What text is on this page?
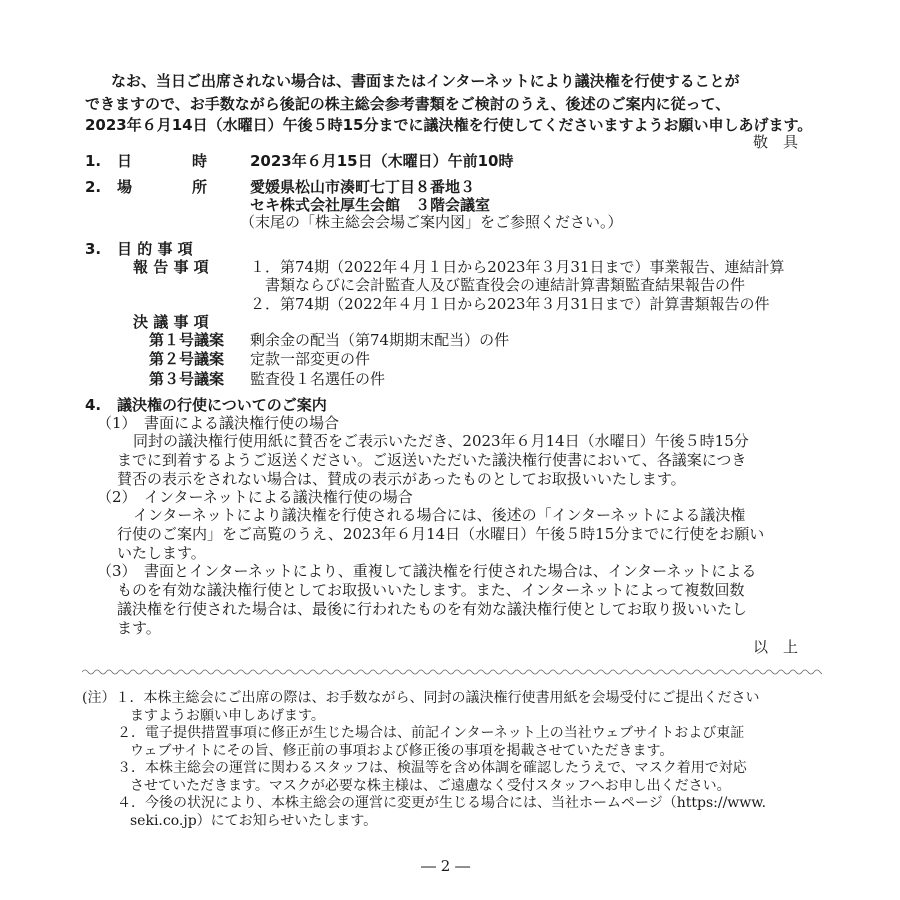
なお、当日ご出席されない場合は、書面またはインターネットにより議決権を行使することが
できますので、お手数ながら後記の株主総会参考書類をご検討のうえ、後述のご案内に従って、
2023年６月14日（水曜日）午後５時15分までに議決権を行使してくださいますようお願い申しあげます。
敬　具
1. 日　　　　時	2023年６月15日（木曜日）午前10時
2. 場　　　　所	愛媛県松山市湊町七丁目８番地３
セキ株式会社厚生会館　３階会議室
（末尾の「株主総会会場ご案内図」をご参照ください。）
3. 目 的 事 項
報 告 事 項	１．第74期（2022年４月１日から2023年３月31日まで）事業報告、連結計算
書類ならびに会計監査人及び監査役会の連結計算書類監査結果報告の件
２．第74期（2022年４月１日から2023年３月31日まで）計算書類報告の件
決 議 事 項
第１号議案 剰余金の配当（第74期期末配当）の件
第２号議案 定款一部変更の件
第３号議案 監査役１名選任の件
4. 議決権の行使についてのご案内
（1）　書面による議決権行使の場合
同封の議決権行使用紙に賛否をご表示いただき、2023年６月14日（水曜日）午後５時15分
までに到着するようご返送ください。ご返送いただいた議決権行使書において、各議案につき
賛否の表示をされない場合は、賛成の表示があったものとしてお取扱いいたします。
（2）　インターネットによる議決権行使の場合
インターネットにより議決権を行使される場合には、後述の「インターネットによる議決権
行使のご案内」をご高覧のうえ、2023年６月14日（水曜日）午後５時15分までに行使をお願い
いたします。
（3）　書面とインターネットにより、重複して議決権を行使された場合は、インターネットによる
ものを有効な議決権行使としてお取扱いいたします。また、インターネットによって複数回数
議決権を行使された場合は、最後に行われたものを有効な議決権行使としてお取り扱いいたし
ます。
以　上
(注）１．本株主総会にご出席の際は、お手数ながら、同封の議決権行使書用紙を会場受付にご提出ください
ますようお願い申しあげます。
２．電子提供措置事項に修正が生じた場合は、前記インターネット上の当社ウェブサイトおよび東証
ウェブサイトにその旨、修正前の事項および修正後の事項を掲載させていただきます。
３．本株主総会の運営に関わるスタッフは、検温等を含め体調を確認したうえで、マスク着用で対応
させていただきます。マスクが必要な株主様は、ご遠慮なく受付スタッフへお申し出ください。
４．今後の状況により、本株主総会の運営に変更が生じる場合には、当社ホームページ（https://www.
seki.co.jp）にてお知らせいたします。
― 2 ―
